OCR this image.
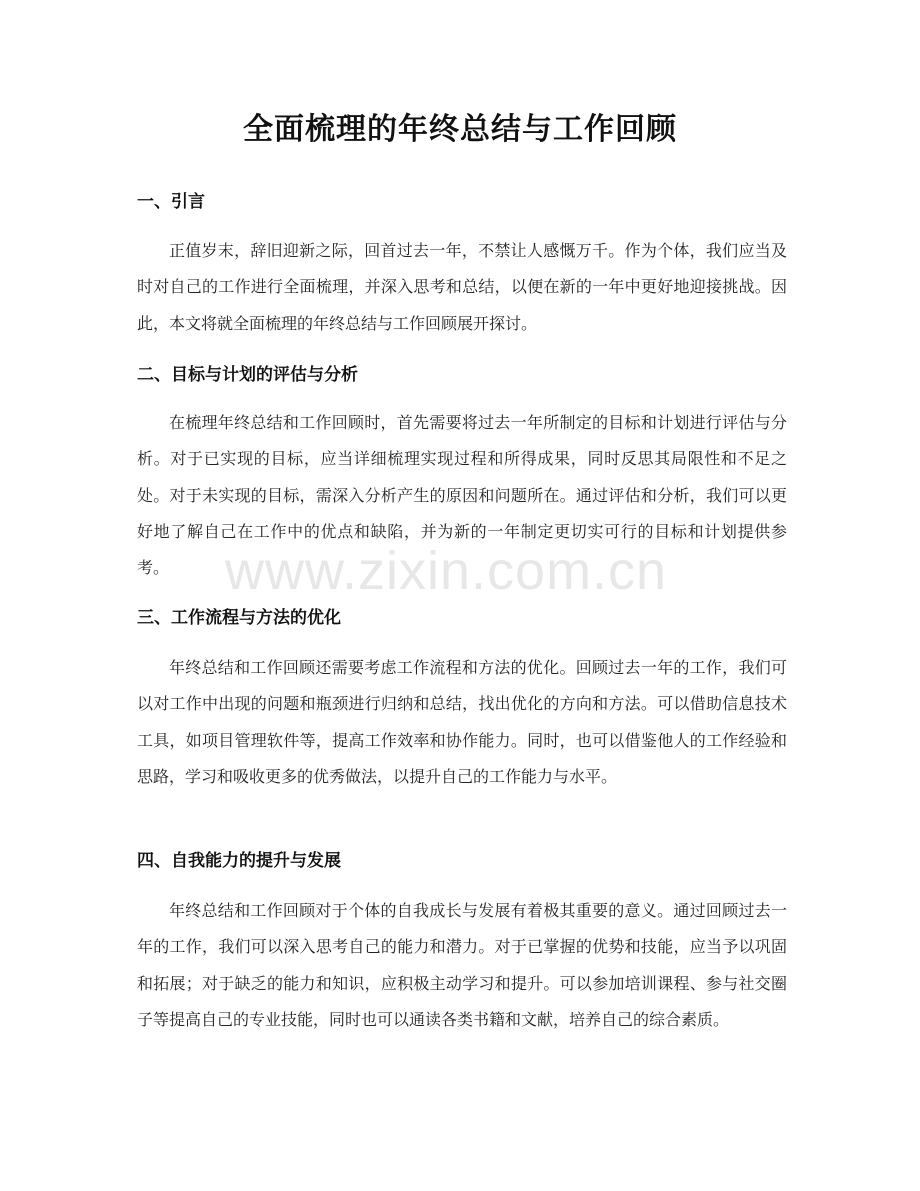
全面梳理的年终总结与工作回顾
一、引言

正值岁末，辞旧迎新之际，回首过去一年，不禁让人感慨万千。作为个体，我们应当及时对自己的工作进行全面梳理，并深入思考和总结，以便在新的一年中更好地迎接挑战。因此，本文将就全面梳理的年终总结与工作回顾展开探讨。

二、目标与计划的评估与分析

在梳理年终总结和工作回顾时，首先需要将过去一年所制定的目标和计划进行评估与分析。对于已实现的目标，应当详细梳理实现过程和所得成果，同时反思其局限性和不足之处。对于未实现的目标，需深入分析产生的原因和问题所在。通过评估和分析，我们可以更好地了解自己在工作中的优点和缺陷，并为新的一年制定更切实可行的目标和计划提供参考。

三、工作流程与方法的优化

年终总结和工作回顾还需要考虑工作流程和方法的优化。回顾过去一年的工作，我们可以对工作中出现的问题和瓶颈进行归纳和总结，找出优化的方向和方法。可以借助信息技术工具，如项目管理软件等，提高工作效率和协作能力。同时，也可以借鉴他人的工作经验和思路，学习和吸收更多的优秀做法，以提升自己的工作能力与水平。

四、自我能力的提升与发展

年终总结和工作回顾对于个体的自我成长与发展有着极其重要的意义。通过回顾过去一年的工作，我们可以深入思考自己的能力和潜力。对于已掌握的优势和技能，应当予以巩固和拓展；对于缺乏的能力和知识，应积极主动学习和提升。可以参加培训课程、参与社交圈子等提高自己的专业技能，同时也可以通读各类书籍和文献，培养自己的综合素质。

www.zixin.com.cn
